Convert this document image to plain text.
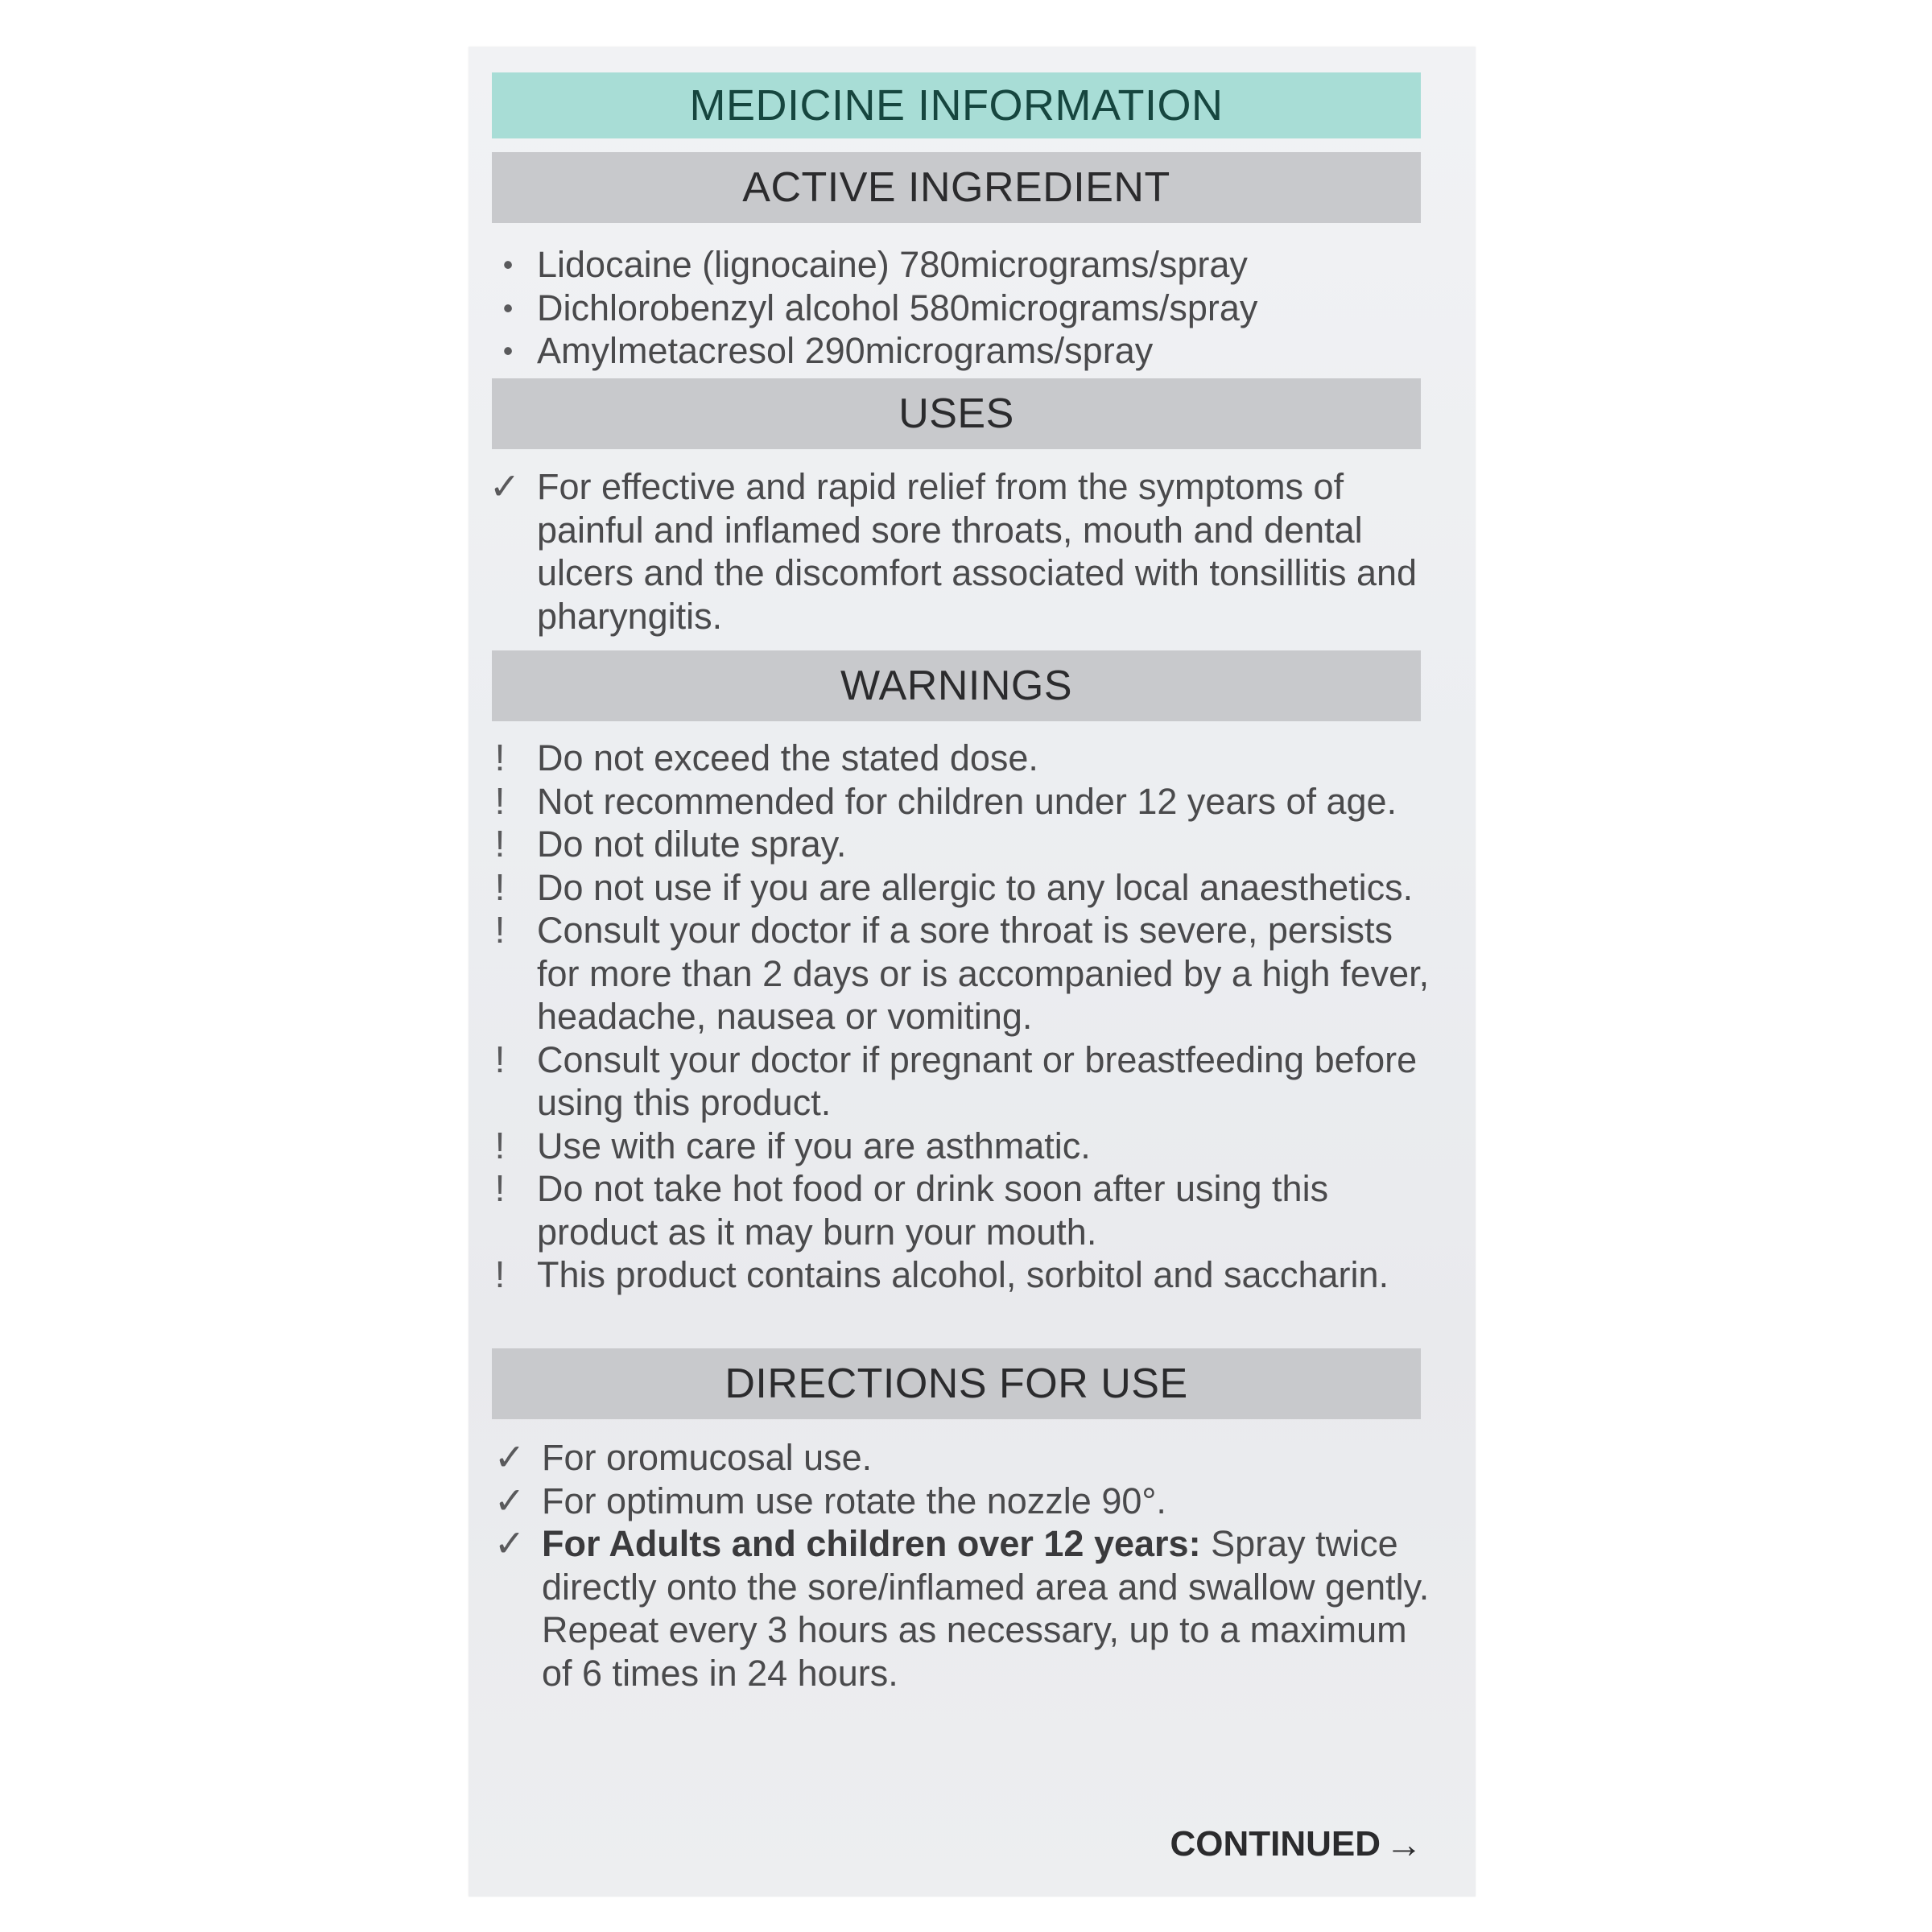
MEDICINE INFORMATION
ACTIVE INGREDIENT
• Lidocaine (lignocaine) 780micrograms/spray
• Dichlorobenzyl alcohol 580micrograms/spray
• Amylmetacresol 290micrograms/spray
USES
✓ For effective and rapid relief from the symptoms of painful and inflamed sore throats, mouth and dental ulcers and the discomfort associated with tonsillitis and pharyngitis.
WARNINGS
! Do not exceed the stated dose.
! Not recommended for children under 12 years of age.
! Do not dilute spray.
! Do not use if you are allergic to any local anaesthetics.
! Consult your doctor if a sore throat is severe, persists for more than 2 days or is accompanied by a high fever, headache, nausea or vomiting.
! Consult your doctor if pregnant or breastfeeding before using this product.
! Use with care if you are asthmatic.
! Do not take hot food or drink soon after using this product as it may burn your mouth.
! This product contains alcohol, sorbitol and saccharin.
DIRECTIONS FOR USE
✓ For oromucosal use.
✓ For optimum use rotate the nozzle 90°.
✓ For Adults and children over 12 years: Spray twice directly onto the sore/inflamed area and swallow gently. Repeat every 3 hours as necessary, up to a maximum of 6 times in 24 hours.
CONTINUED →
